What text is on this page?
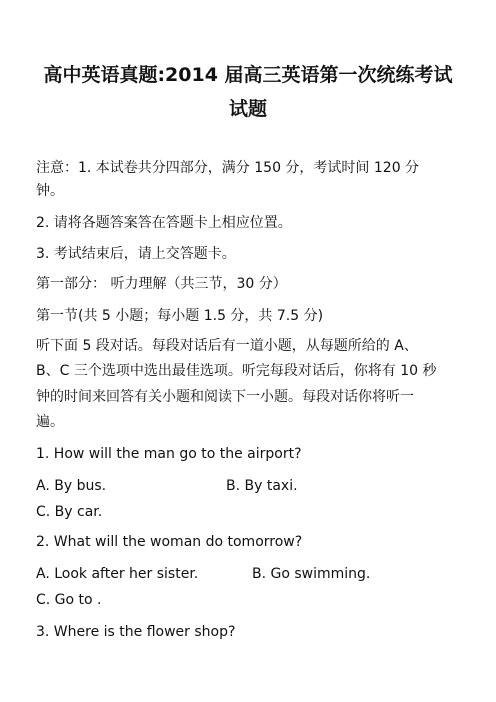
高中英语真题:2014 届高三英语第一次统练考试
试题
注意：1. 本试卷共分四部分，满分 150 分，考试时间 120 分
钟。
2. 请将各题答案答在答题卡上相应位置。
3. 考试结束后，请上交答题卡。
第一部分： 听力理解（共三节，30 分）
第一节(共 5 小题；每小题 1.5 分，共 7.5 分)
听下面 5 段对话。每段对话后有一道小题，从每题所给的 A、
B、C 三个选项中选出最佳选项。听完每段对话后，你将有 10 秒
钟的时间来回答有关小题和阅读下一小题。每段对话你将听一
遍。
1. How will the man go to the airport?
A. By bus.	B. By taxi.
C. By car.
2. What will the woman do tomorrow?
A. Look after her sister.	B. Go swimming.
C. Go to .
3. Where is the flower shop?
